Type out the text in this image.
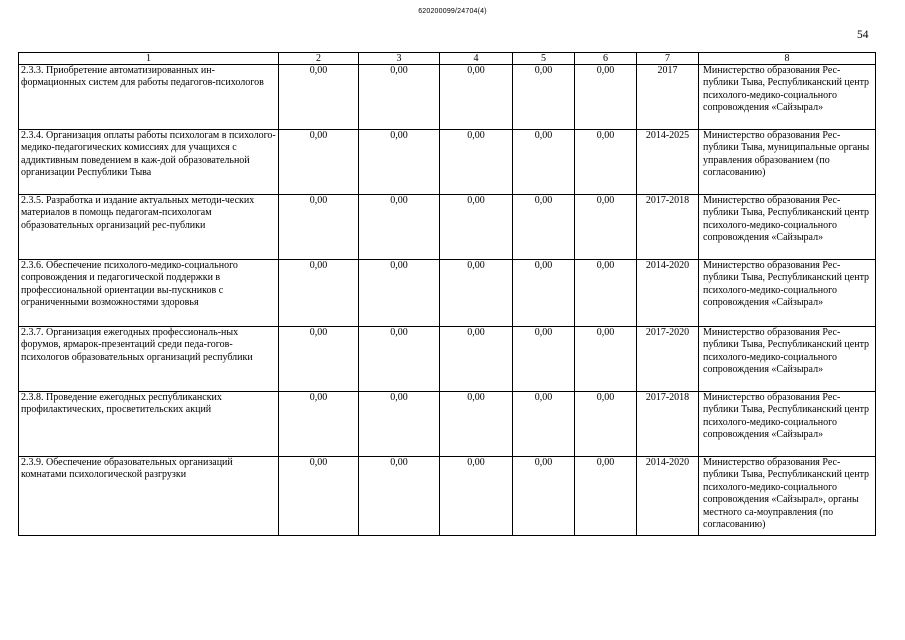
620200099/24704(4)
54
1	2	3	4	5	6	7	8
2.3.3. Приобретение автоматизированных ин-формационных систем для работы педагогов-психологов	0,00	0,00	0,00	0,00	0,00	2017	Министерство образования Рес-публики Тыва, Республиканский центр психолого-медико-социального сопровождения «Сайзырал»
2.3.4. Организация оплаты работы психологам в психолого-медико-педагогических комиссиях для учащихся с аддиктивным поведением в каж-дой образовательной организации Республики Тыва	0,00	0,00	0,00	0,00	0,00	2014-2025	Министерство образования Рес-публики Тыва, муниципальные органы управления образованием (по согласованию)
2.3.5. Разработка и издание актуальных методи-ческих материалов в помощь педагогам-психологам образовательных организаций рес-публики	0,00	0,00	0,00	0,00	0,00	2017-2018	Министерство образования Рес-публики Тыва, Республиканский центр психолого-медико-социального сопровождения «Сайзырал»
2.3.6. Обеспечение психолого-медико-социального сопровождения и педагогической поддержки в профессиональной ориентации вы-пускников с ограниченными возможностями здоровья	0,00	0,00	0,00	0,00	0,00	2014-2020	Министерство образования Рес-публики Тыва, Республиканский центр психолого-медико-социального сопровождения «Сайзырал»
2.3.7. Организация ежегодных профессиональ-ных форумов, ярмарок-презентаций среди педа-гогов-психологов образовательных организаций республики	0,00	0,00	0,00	0,00	0,00	2017-2020	Министерство образования Рес-публики Тыва, Республиканский центр психолого-медико-социального сопровождения «Сайзырал»
2.3.8. Проведение ежегодных республиканских профилактических, просветительских акций	0,00	0,00	0,00	0,00	0,00	2017-2018	Министерство образования Рес-публики Тыва, Республиканский центр психолого-медико-социального сопровождения «Сайзырал»
2.3.9. Обеспечение образовательных организаций комнатами психологической разгрузки	0,00	0,00	0,00	0,00	0,00	2014-2020	Министерство образования Рес-публики Тыва, Республиканский центр психолого-медико-социального сопровождения «Сайзырал», органы местного са-моуправления (по согласованию)
